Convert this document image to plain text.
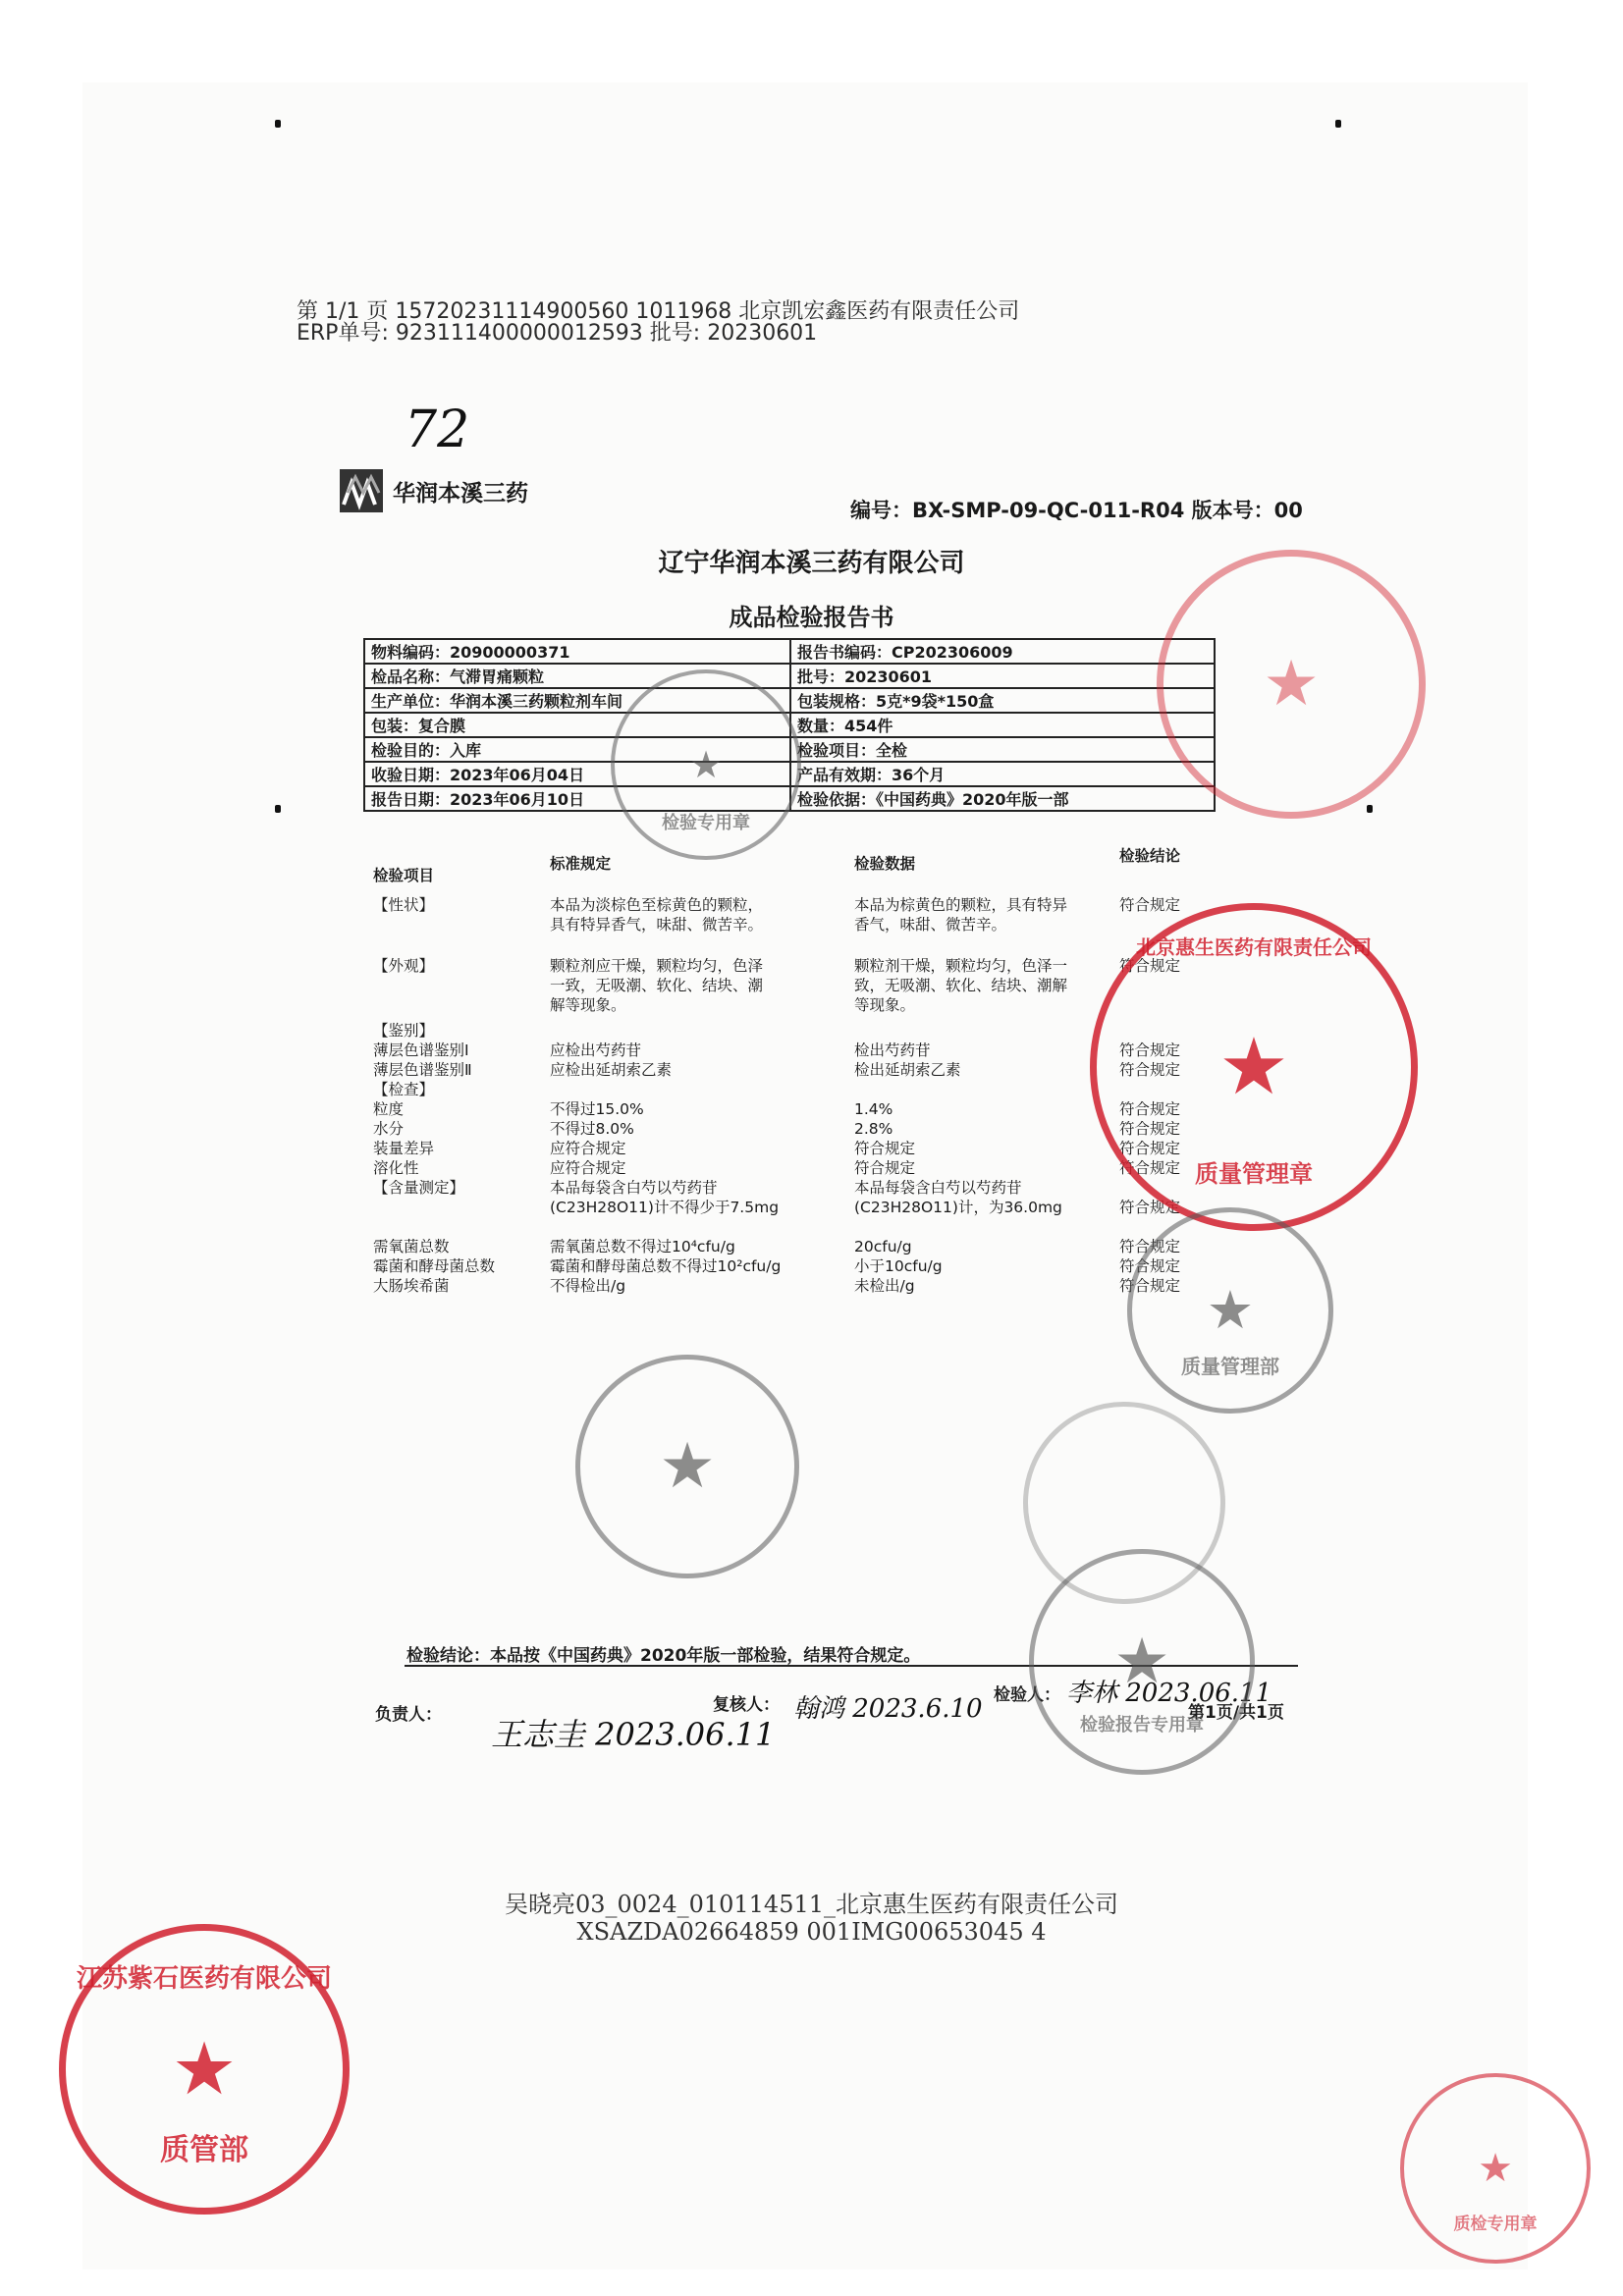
第 1/1 页 15720231114900560 1011968 北京凯宏鑫医药有限责任公司
ERP单号: 923111400000012593 批号: 20230601
72
华润本溪三药
编号：BX-SMP-09-QC-011-R04 版本号：00
辽宁华润本溪三药有限公司
成品检验报告书
物料编码：20900000371	报告书编码：CP202306009
检品名称：气滞胃痛颗粒	批号：20230601
生产单位：华润本溪三药颗粒剂车间	包装规格：5克*9袋*150盒
包装：复合膜	数量：454件
检验目的：入库	检验项目：全检
收验日期：2023年06月04日	产品有效期：36个月
报告日期：2023年06月10日	检验依据：《中国药典》2020年版一部
检验项目
标准规定	检验数据	检验结论
【性状】	本品为淡棕色至棕黄色的颗粒，	本品为棕黄色的颗粒，具有特异	符合规定
具有特异香气，味甜、微苦辛。	香气，味甜、微苦辛。
【外观】	颗粒剂应干燥，颗粒均匀，色泽	颗粒剂干燥，颗粒均匀，色泽一	符合规定
一致，无吸潮、软化、结块、潮	致，无吸潮、软化、结块、潮解
解等现象。	等现象。
【鉴别】
薄层色谱鉴别Ⅰ	应检出芍药苷	检出芍药苷	符合规定
薄层色谱鉴别Ⅱ	应检出延胡索乙素	检出延胡索乙素	符合规定
【检查】
粒度	不得过15.0%	1.4%	符合规定
水分	不得过8.0%	2.8%	符合规定
装量差异	应符合规定	符合规定	符合规定
溶化性	应符合规定	符合规定	符合规定
【含量测定】	本品每袋含白芍以芍药苷	本品每袋含白芍以芍药苷
(C23H28O11)计不得少于7.5mg	(C23H28O11)计，为36.0mg	符合规定
需氧菌总数	需氧菌总数不得过10⁴cfu/g	20cfu/g	符合规定
霉菌和酵母菌总数	霉菌和酵母菌总数不得过10²cfu/g	小于10cfu/g	符合规定
大肠埃希菌	不得检出/g	未检出/g	符合规定
检验结论：本品按《中国药典》2020年版一部检验，结果符合规定。
负责人：	复核人：	检验人：
第1页/共1页
王志圭 2023.06.11
翰鸿 2023.6.10
李林 2023.06.11
吴晓亮03_0024_010114511_北京惠生医药有限责任公司
XSAZDA02664859 001IMG00653045 4
★
检验专用章
★
北京惠生医药有限责任公司
★
质量管理章
★
质量管理部
★
★
检验报告专用章
江苏紫石医药有限公司
★
质管部	★
质检专用章
